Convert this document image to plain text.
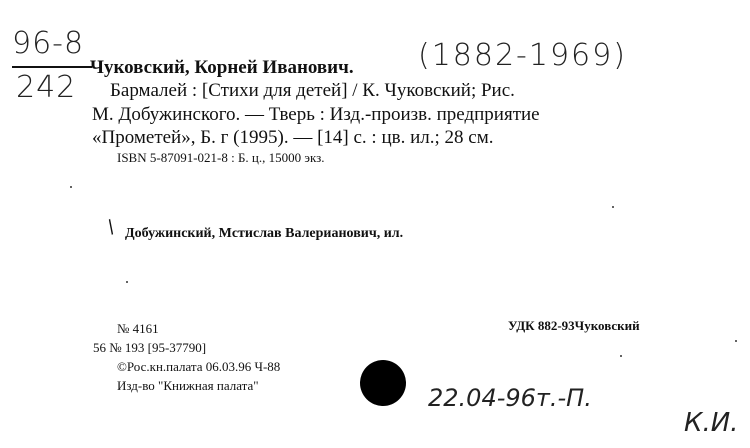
96-8
242
Чуковский, Корней Иванович. (1882-1969)
Бармалей : [Стихи для детей] / К. Чуковский; Рис.
М. Добужинского. — Тверь : Изд.-произв. предприятие
«Прометей», Б. г (1995). — [14] с. : цв. ил.; 28 см.
ISBN 5-87091-021-8 : Б. ц., 15000 экз.
/ Добужинский, Мстислав Валерианович, ил.
№ 4161
56 № 193 [95-37790]
©Рос.кн.палата 06.03.96 Ч-88
Изд-во "Книжная палата"
УДК 882-93Чуковский
22.04-96т.-П.
К.И.
